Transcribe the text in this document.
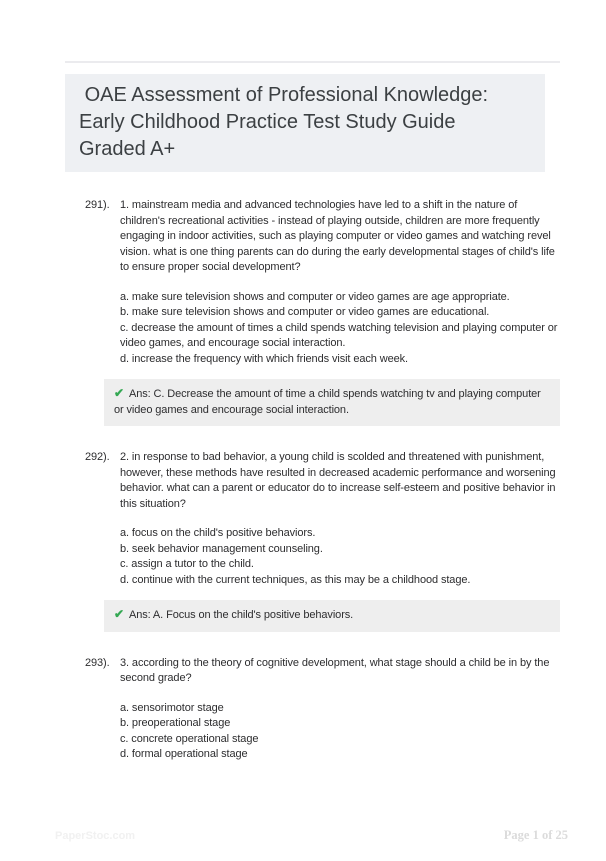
OAE Assessment of Professional Knowledge:
Early Childhood Practice Test Study Guide
Graded A+
291). 1. mainstream media and advanced technologies have led to a shift in the nature of children's recreational activities - instead of playing outside, children are more frequently engaging in indoor activities, such as playing computer or video games and watching revel vision. what is one thing parents can do during the early developmental stages of child's life to ensure proper social development?
a. make sure television shows and computer or video games are age appropriate.
b. make sure television shows and computer or video games are educational.
c. decrease the amount of times a child spends watching television and playing computer or video games, and encourage social interaction.
d. increase the frequency with which friends visit each week.
✔ Ans: C. Decrease the amount of time a child spends watching tv and playing computer or video games and encourage social interaction.
292). 2. in response to bad behavior, a young child is scolded and threatened with punishment, however, these methods have resulted in decreased academic performance and worsening behavior. what can a parent or educator do to increase self-esteem and positive behavior in this situation?
a. focus on the child's positive behaviors.
b. seek behavior management counseling.
c. assign a tutor to the child.
d. continue with the current techniques, as this may be a childhood stage.
✔ Ans: A. Focus on the child's positive behaviors.
293). 3. according to the theory of cognitive development, what stage should a child be in by the second grade?
a. sensorimotor stage
b. preoperational stage
c. concrete operational stage
d. formal operational stage
PaperStoc.com	Page 1 of 25
